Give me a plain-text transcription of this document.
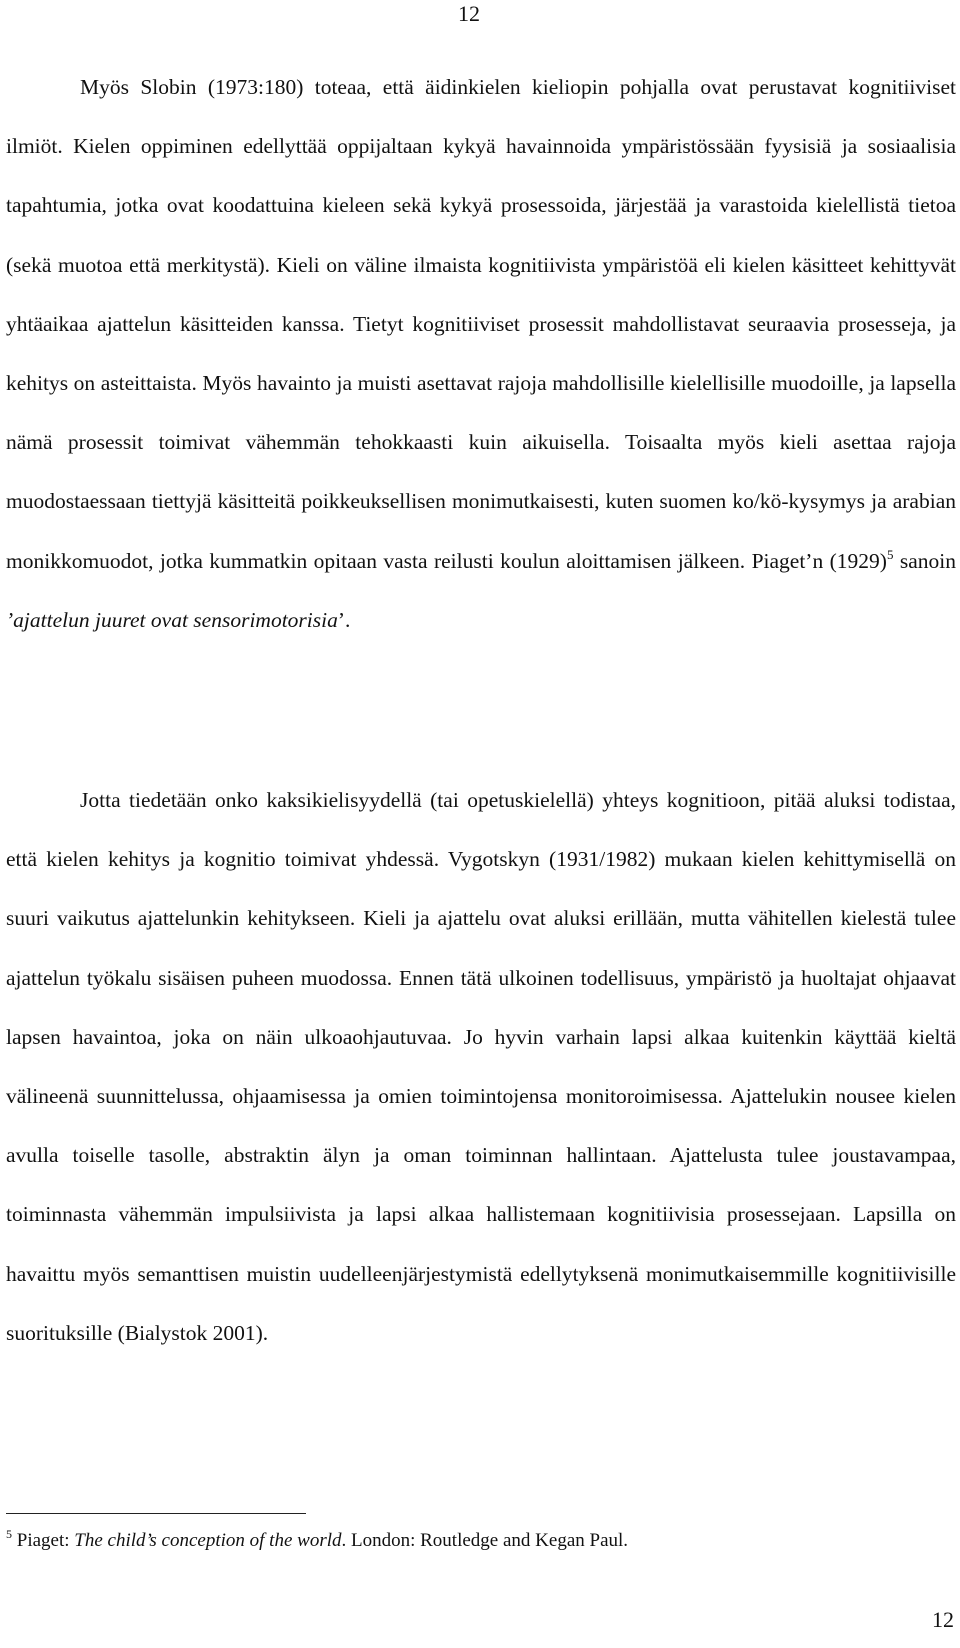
12

Myös Slobin (1973:180) toteaa, että äidinkielen kieliopin pohjalla ovat perustavat kognitiiviset ilmiöt. Kielen oppiminen edellyttää oppijaltaan kykyä havainnoida ympäristössään fyysisiä ja sosiaalisia tapahtumia, jotka ovat koodattuina kieleen sekä kykyä prosessoida, järjestää ja varastoida kielellistä tietoa (sekä muotoa että merkitystä). Kieli on väline ilmaista kognitiivista ympäristöä eli kielen käsitteet kehittyvät yhtäaikaa ajattelun käsitteiden kanssa. Tietyt kognitiiviset prosessit mahdollistavat seuraavia prosesseja, ja kehitys on asteittaista. Myös havainto ja muisti asettavat rajoja mahdollisille kielellisille muodoille, ja lapsella nämä prosessit toimivat vähemmän tehokkaasti kuin aikuisella. Toisaalta myös kieli asettaa rajoja muodostaessaan tiettyjä käsitteitä poikkeuksellisen monimutkaisesti, kuten suomen ko/kö-kysymys ja arabian monikkomuodot, jotka kummatkin opitaan vasta reilusti koulun aloittamisen jälkeen. Piaget’n $(1929)^5$ sanoin ’ajattelun juuret ovat sensorimotorisia’.

Jotta tiedetään onko kaksikielisyydellä (tai opetuskielellä) yhteys kognitioon, pitää aluksi todistaa, että kielen kehitys ja kognitio toimivat yhdessä. Vygotskyn (1931/1982) mukaan kielen kehittymisellä on suuri vaikutus ajattelunkin kehitykseen. Kieli ja ajattelu ovat aluksi erillään, mutta vähitellen kielestä tulee ajattelun työkalu sisäisen puheen muodossa. Ennen tätä ulkoinen todellisuus, ympäristö ja huoltajat ohjaavat lapsen havaintoa, joka on näin ulkoaohjautuvaa. Jo hyvin varhain lapsi alkaa kuitenkin käyttää kieltä välineenä suunnittelussa, ohjaamisessa ja omien toimintojensa monitoroimisessa. Ajattelukin nousee kielen avulla toiselle tasolle, abstraktin älyn ja oman toiminnan hallintaan. Ajattelusta tulee joustavampaa, toiminnasta vähemmän impulsiivista ja lapsi alkaa hallistemaan kognitiivisia prosessejaan. Lapsilla on havaittu myös semanttisen muistin uudelleenjärjestymistä edellytyksenä monimutkaisemmille kognitiivisille suorituksille (Bialystok 2001).

$^5$ Piaget: The child’s conception of the world. London: Routledge and Kegan Paul.
12
